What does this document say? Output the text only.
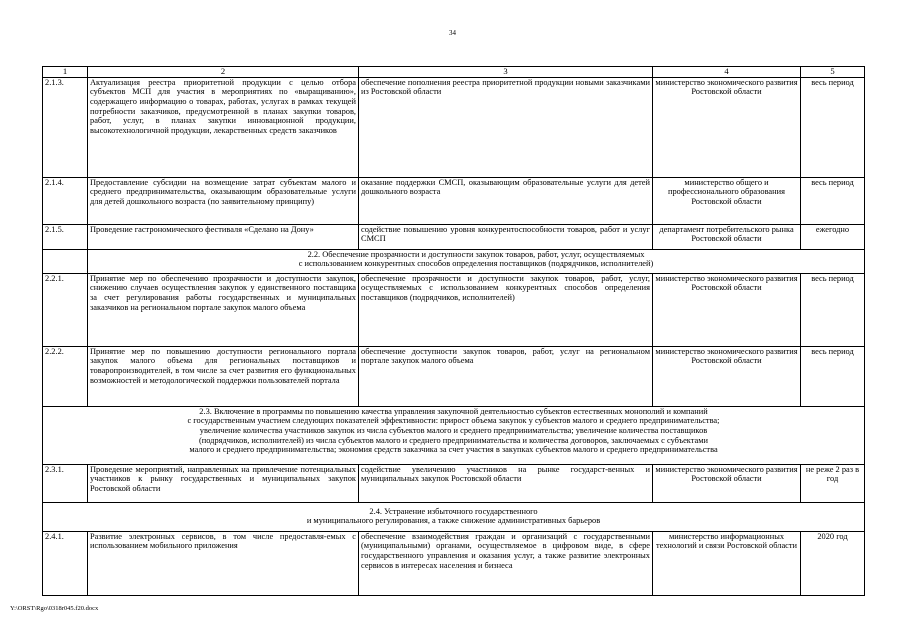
34
1	2	3	4	5
2.1.3.	Актуализация реестра приоритетной продукции с целью отбора субъектов МСП для участия в мероприятиях по «выращиванию», содержащего информацию о товарах, работах, услугах в рамках текущей потребности заказчиков, предусмотренной в планах закупки товаров, работ, услуг, в планах закупки инновационной продукции, высокотехнологичной продукции, лекарственных средств заказчиков	обеспечение пополнения реестра приоритетной продукции новыми заказчиками из Ростовской области	министерство экономического развития Ростовской области	весь период
2.1.4.	Предоставление субсидии на возмещение затрат субъектам малого и среднего предпринимательства, оказывающим образовательные услуги для детей дошкольного возраста (по заявительному принципу)	оказание поддержки СМСП, оказывающим образовательные услуги для детей дошкольного возраста	министерство общего и профессионального образования Ростовской области	весь период
2.1.5.	Проведение гастрономического фестиваля «Сделано на Дону»	содействие повышению уровня конкурентоспособности товаров, работ и услуг СМСП	департамент потребительского рынка Ростовской области	ежегодно

	2.2. Обеспечение прозрачности и доступности закупок товаров, работ, услуг, осуществляемых
с использованием конкурентных способов определения поставщиков (подрядчиков, исполнителей)			

2.2.1.	Принятие мер по обеспечению прозрачности и доступности закупок, снижению случаев осуществления закупок у единственного поставщика за счет регулирования работы государственных и муниципальных заказчиков на региональном портале закупок малого объема	обеспечение прозрачности и доступности закупок товаров, работ, услуг, осуществляемых с использованием конкурентных способов определения поставщиков (подрядчиков, исполнителей)	министерство экономического развития Ростовской области	весь период
2.2.2.	Принятие мер по повышению доступности регионального портала закупок малого объема для региональных поставщиков и товаропроизводителей, в том числе за счет развития его функциональных возможностей и методологической поддержки пользователей портала	обеспечение доступности закупок товаров, работ, услуг на региональном портале закупок малого объема	министерство экономического развития Ростовской области	весь период

2.3. Включение в программы по повышению качества управления закупочной деятельностью субъектов естественных монополий и компаний
с государственным участием следующих показателей эффективности: прирост объема закупок у субъектов малого и среднего предпринимательства;
увеличение количества участников закупок из числа субъектов малого и среднего предпринимательства; увеличение количества поставщиков
(подрядчиков, исполнителей) из числа субъектов малого и среднего предпринимательства и количества договоров, заключаемых с субъектами
малого и среднего предпринимательства; экономия средств заказчика за счет участия в закупках субъектов малого и среднего предпринимательства				

2.3.1.	Проведение мероприятий, направленных на привлечение потенциальных участников к рынку государственных и муниципальных закупок Ростовской области	содействие увеличению участников на рынке государст-венных и муниципальных закупок Ростовской области	министерство экономического развития Ростовской области	не реже 2 раз в год

2.4. Устранение избыточного государственного
и муниципального регулирования, а также снижение административных барьеров				

2.4.1.	Развитие электронных сервисов, в том числе предоставля-емых с использованием мобильного приложения	обеспечение взаимодействия граждан и организаций с государственными (муниципальными) органами, осуществляемое в цифровом виде, в сфере государственного управления и оказания услуг, а также развитие электронных сервисов в интересах населения и бизнеса	министерство информационных технологий и связи Ростовской области	2020 год
Y:\ORST\Rgo\0318r045.f20.docx
